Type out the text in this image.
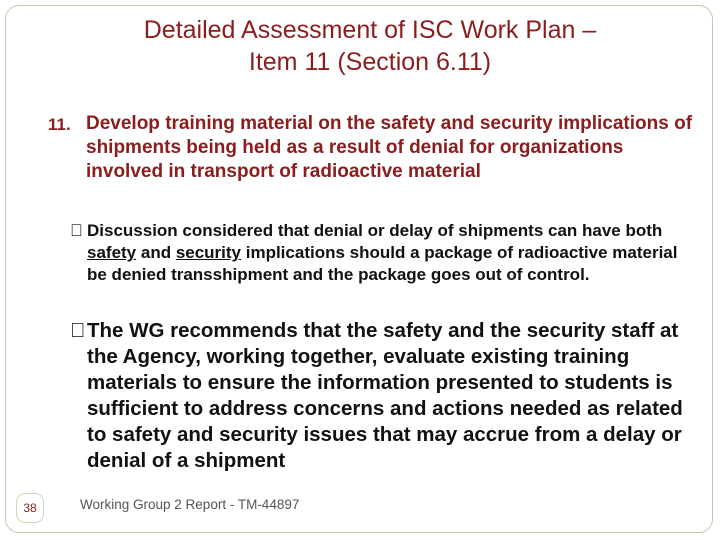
Detailed Assessment of ISC Work Plan –
Item 11 (Section 6.11)
11. Develop training material on the safety and security implications of shipments being held as a result of denial for organizations involved in transport of radioactive material
Discussion considered that denial or delay of shipments can have both safety and security implications should a package of radioactive material be denied transshipment and the package goes out of control.
The WG recommends that the safety and the security staff at the Agency, working together, evaluate existing training materials to ensure the information presented to students is sufficient to address concerns and actions needed as related to safety and security issues that may accrue from a delay or denial of a shipment
38	Working Group 2 Report - TM-44897
